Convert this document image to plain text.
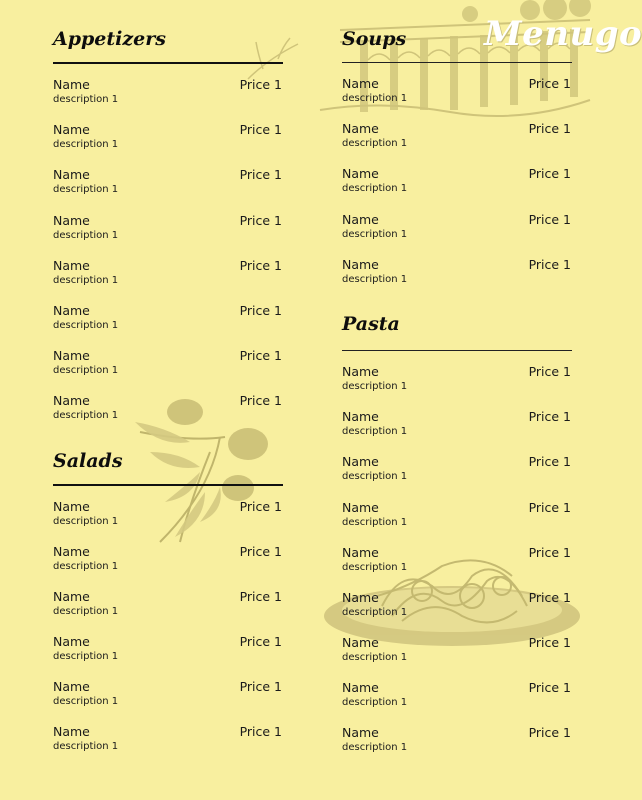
Menugo
Appetizers
Name	Price 1
description 1
Name	Price 1
description 1
Name	Price 1
description 1
Name	Price 1
description 1
Name	Price 1
description 1
Name	Price 1
description 1
Name	Price 1
description 1
Name	Price 1
description 1
Salads
Name	Price 1
description 1
Name	Price 1
description 1
Name	Price 1
description 1
Name	Price 1
description 1
Name	Price 1
description 1
Name	Price 1
description 1
Soups
Name	Price 1
description 1
Name	Price 1
description 1
Name	Price 1
description 1
Name	Price 1
description 1
Name	Price 1
description 1
Pasta
Name	Price 1
description 1
Name	Price 1
description 1
Name	Price 1
description 1
Name	Price 1
description 1
Name	Price 1
description 1
Name	Price 1
description 1
Name	Price 1
description 1
Name	Price 1
description 1
Name	Price 1
description 1
